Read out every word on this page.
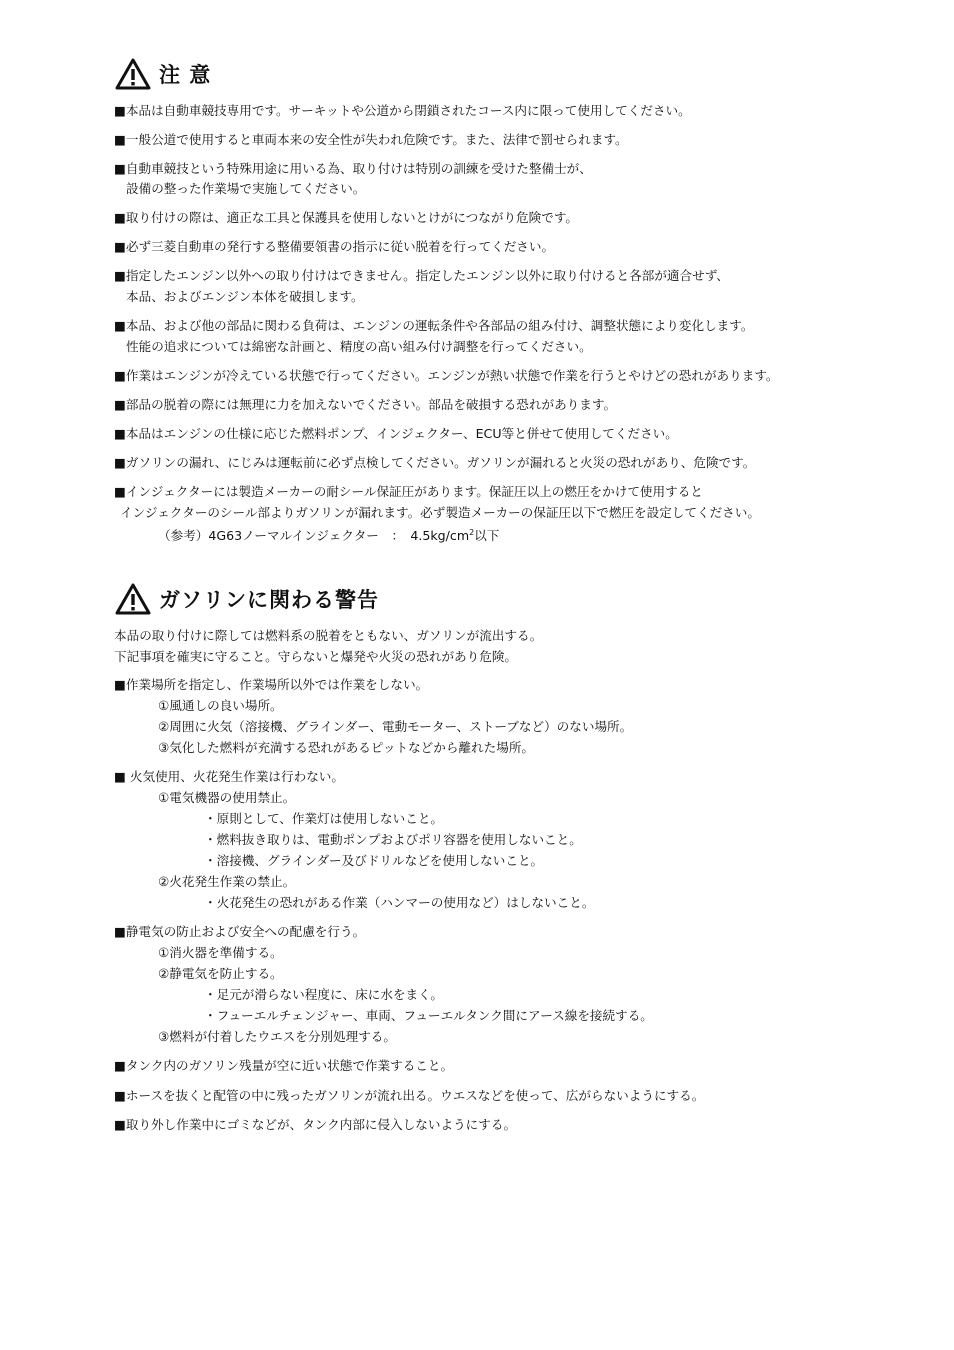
注 意
■本品は自動車競技専用です。サーキットや公道から閉鎖されたコース内に限って使用してください。
■一般公道で使用すると車両本来の安全性が失われ危険です。また、法律で罰せられます。
■自動車競技という特殊用途に用いる為、取り付けは特別の訓練を受けた整備士が、
設備の整った作業場で実施してください。
■取り付けの際は、適正な工具と保護具を使用しないとけがにつながり危険です。
■必ず三菱自動車の発行する整備要領書の指示に従い脱着を行ってください。
■指定したエンジン以外への取り付けはできません。指定したエンジン以外に取り付けると各部が適合せず、
本品、およびエンジン本体を破損します。
■本品、および他の部品に関わる負荷は、エンジンの運転条件や各部品の組み付け、調整状態により変化します。
性能の追求については綿密な計画と、精度の高い組み付け調整を行ってください。
■作業はエンジンが冷えている状態で行ってください。エンジンが熱い状態で作業を行うとやけどの恐れがあります。
■部品の脱着の際には無理に力を加えないでください。部品を破損する恐れがあります。
■本品はエンジンの仕様に応じた燃料ポンプ、インジェクター、ECU等と併せて使用してください。
■ガソリンの漏れ、にじみは運転前に必ず点検してください。ガソリンが漏れると火災の恐れがあり、危険です。
■インジェクターには製造メーカーの耐シール保証圧があります。保証圧以上の燃圧をかけて使用すると
インジェクターのシール部よりガソリンが漏れます。必ず製造メーカーの保証圧以下で燃圧を設定してください。
（参考）4G63ノーマルインジェクター　：　$4.5kg/cm^2$以下
ガソリンに関わる警告
本品の取り付けに際しては燃料系の脱着をともない、ガソリンが流出する。
下記事項を確実に守ること。守らないと爆発や火災の恐れがあり危険。
■作業場所を指定し、作業場所以外では作業をしない。
①風通しの良い場所。
②周囲に火気（溶接機、グラインダー、電動モーター、ストーブなど）のない場所。
③気化した燃料が充満する恐れがあるピットなどから離れた場所。
■ 火気使用、火花発生作業は行わない。
①電気機器の使用禁止。
・原則として、作業灯は使用しないこと。
・燃料抜き取りは、電動ポンプおよびポリ容器を使用しないこと。
・溶接機、グラインダー及びドリルなどを使用しないこと。
②火花発生作業の禁止。
・火花発生の恐れがある作業（ハンマーの使用など）はしないこと。
■静電気の防止および安全への配慮を行う。
①消火器を準備する。
②静電気を防止する。
・足元が滑らない程度に、床に水をまく。
・フューエルチェンジャー、車両、フューエルタンク間にアース線を接続する。
③燃料が付着したウエスを分別処理する。
■タンク内のガソリン残量が空に近い状態で作業すること。
■ホースを抜くと配管の中に残ったガソリンが流れ出る。ウエスなどを使って、広がらないようにする。
■取り外し作業中にゴミなどが、タンク内部に侵入しないようにする。
